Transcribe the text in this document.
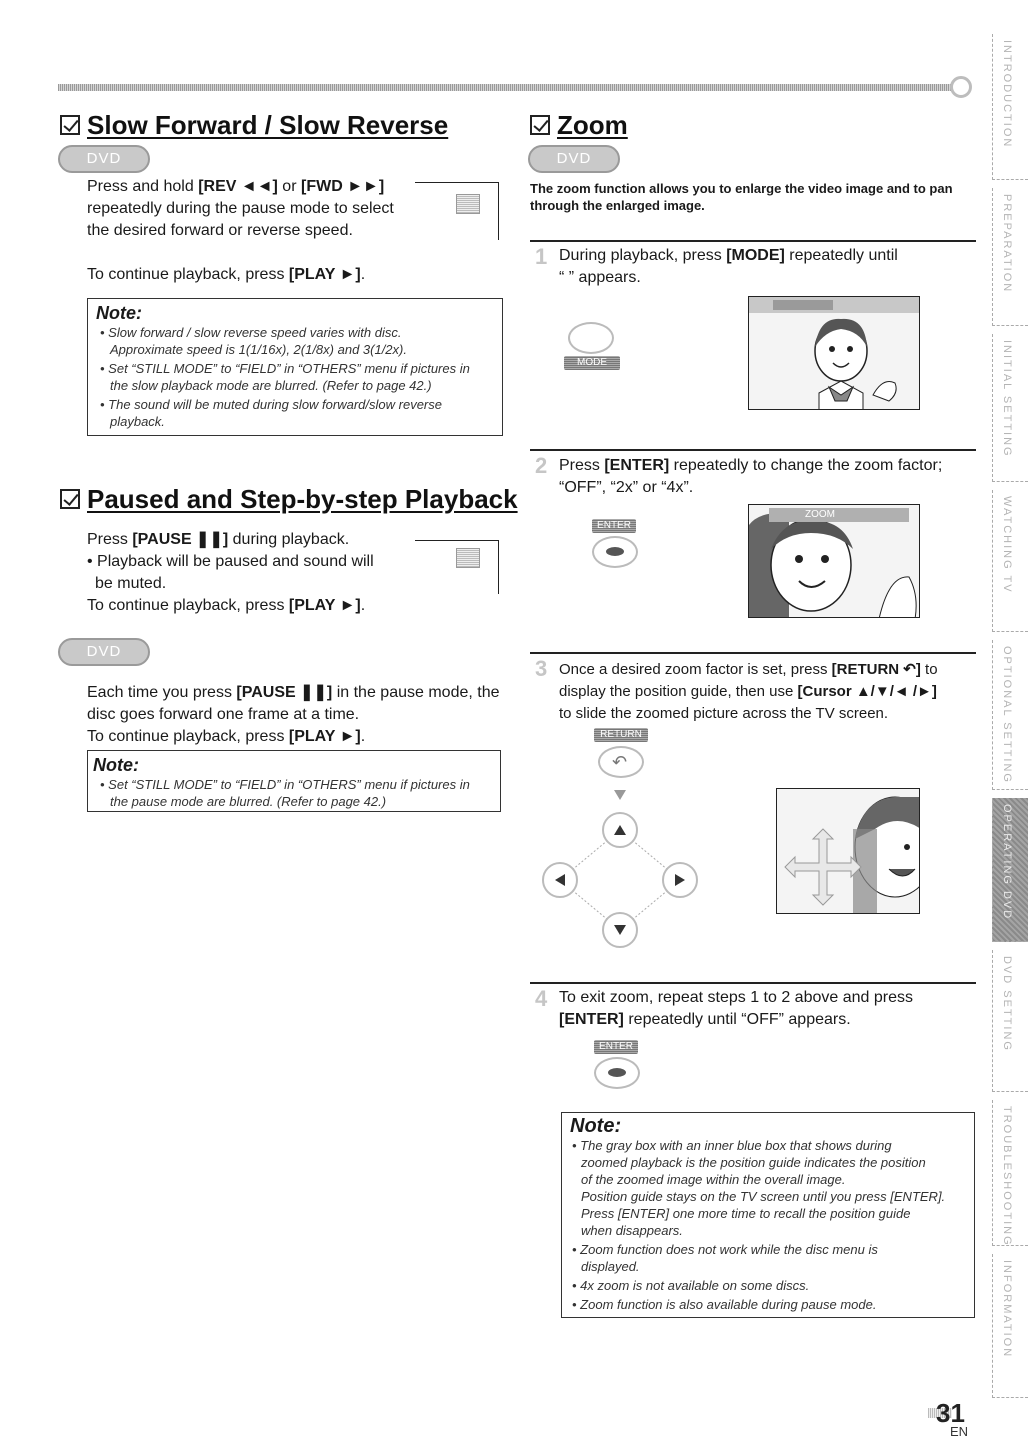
Slow Forward / Slow Reverse
DVD
Press and hold [REV ◄◄] or [FWD ►►]
repeatedly during the pause mode to select
the desired forward or reverse speed.
To continue playback, press [PLAY ►].
Note:
• Slow forward / slow reverse speed varies with disc.
Approximate speed is 1(1/16x), 2(1/8x) and 3(1/2x).
• Set “STILL MODE” to “FIELD” in “OTHERS” menu if pictures in
the slow playback mode are blurred. (Refer to page 42.)
• The sound will be muted during slow forward/slow reverse
playback.
Paused and Step-by-step Playback
Press [PAUSE ❚❚] during playback.
• Playback will be paused and sound will
be muted.
To continue playback, press [PLAY ►].
DVD
Each time you press [PAUSE ❚❚] in the pause mode, the
disc goes forward one frame at a time.
To continue playback, press [PLAY ►].
Note:
• Set “STILL MODE” to “FIELD” in “OTHERS” menu if pictures in
the pause mode are blurred. (Refer to page 42.)
Zoom
DVD
The zoom function allows you to enlarge the video image and to pan
through the enlarged image.
1 During playback, press [MODE] repeatedly until
“ ” appears.
MODE
2 Press [ENTER] repeatedly to change the zoom factor;
“OFF”, “2x” or “4x”.
ENTER
ZOOM
3 Once a desired zoom factor is set, press [RETURN ↶] to
display the position guide, then use [Cursor ▲/▼/◄ /►]
to slide the zoomed picture across the TV screen.
RETURN
↶
4 To exit zoom, repeat steps 1 to 2 above and press
[ENTER] repeatedly until “OFF” appears.
ENTER
Note:
• The gray box with an inner blue box that shows during
zoomed playback is the position guide indicates the position
of the zoomed image within the overall image.
Position guide stays on the TV screen until you press [ENTER].
Press [ENTER] one more time to recall the position guide
when disappears.
• Zoom function does not work while the disc menu is
displayed.
• 4x zoom is not available on some discs.
• Zoom function is also available during pause mode.
INTRODUCTION
PREPARATION
INITIAL SETTING
WATCHING TV
OPTIONAL SETTING
OPERATING DVD
DVD SETTING
TROUBLESHOOTING
INFORMATION
31
EN
